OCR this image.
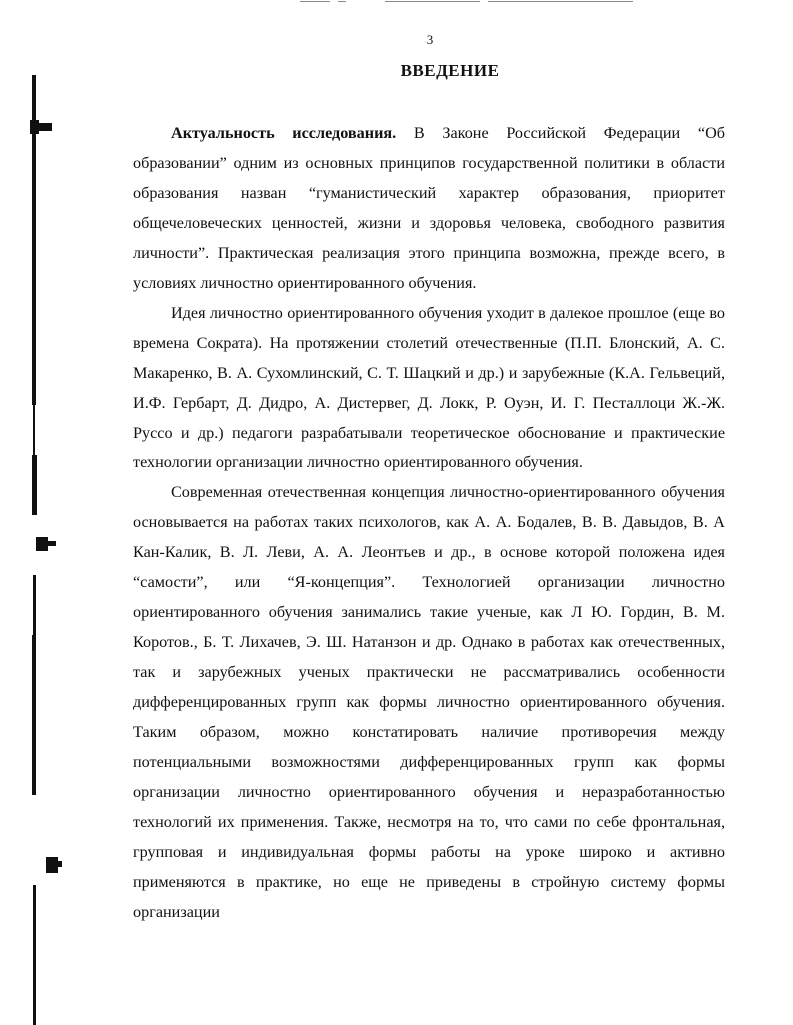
3
ВВЕДЕНИЕ

Актуальность исследования. В Законе Российской Федерации “Об образовании” одним из основных принципов государственной политики в области образования назван “гуманистический характер образования, приоритет общечеловеческих ценностей, жизни и здоровья человека, свободного развития личности”. Практическая реализация этого принципа возможна, прежде всего, в условиях личностно ориентированного обучения.

Идея личностно ориентированного обучения уходит в далекое прошлое (еще во времена Сократа). На протяжении столетий отечественные (П.П. Блонский, А. С. Макаренко, В. А. Сухомлинский, С. Т. Шацкий и др.) и зарубежные (К.А. Гельвеций, И.Ф. Гербарт, Д. Дидро, А. Дистервег, Д. Локк, Р. Оуэн, И. Г. Песталлоци Ж.-Ж. Руссо и др.) педагоги разрабатывали теоретическое обоснование и практические технологии организации личностно ориентированного обучения.

Современная отечественная концепция личностно-ориентированного обучения основывается на работах таких психологов, как А. А. Бодалев, В. В. Давыдов, В. А Кан-Калик, В. Л. Леви, А. А. Леонтьев и др., в основе которой положена идея “самости”, или “Я-концепция”. Технологией организации личностно ориентированного обучения занимались такие ученые, как Л Ю. Гордин, В. М. Коротов., Б. Т. Лихачев, Э. Ш. Натанзон и др. Однако в работах как отечественных, так и зарубежных ученых практически не рассматривались особенности дифференцированных групп как формы личностно ориентированного обучения. Таким образом, можно констатировать наличие противоречия между потенциальными возможностями дифференцированных групп как формы организации личностно ориентированного обучения и неразработанностью технологий их применения. Также, несмотря на то, что сами по себе фронтальная, групповая и индивидуальная формы работы на уроке широко и активно применяются в практике, но еще не приведены в стройную систему формы организации
